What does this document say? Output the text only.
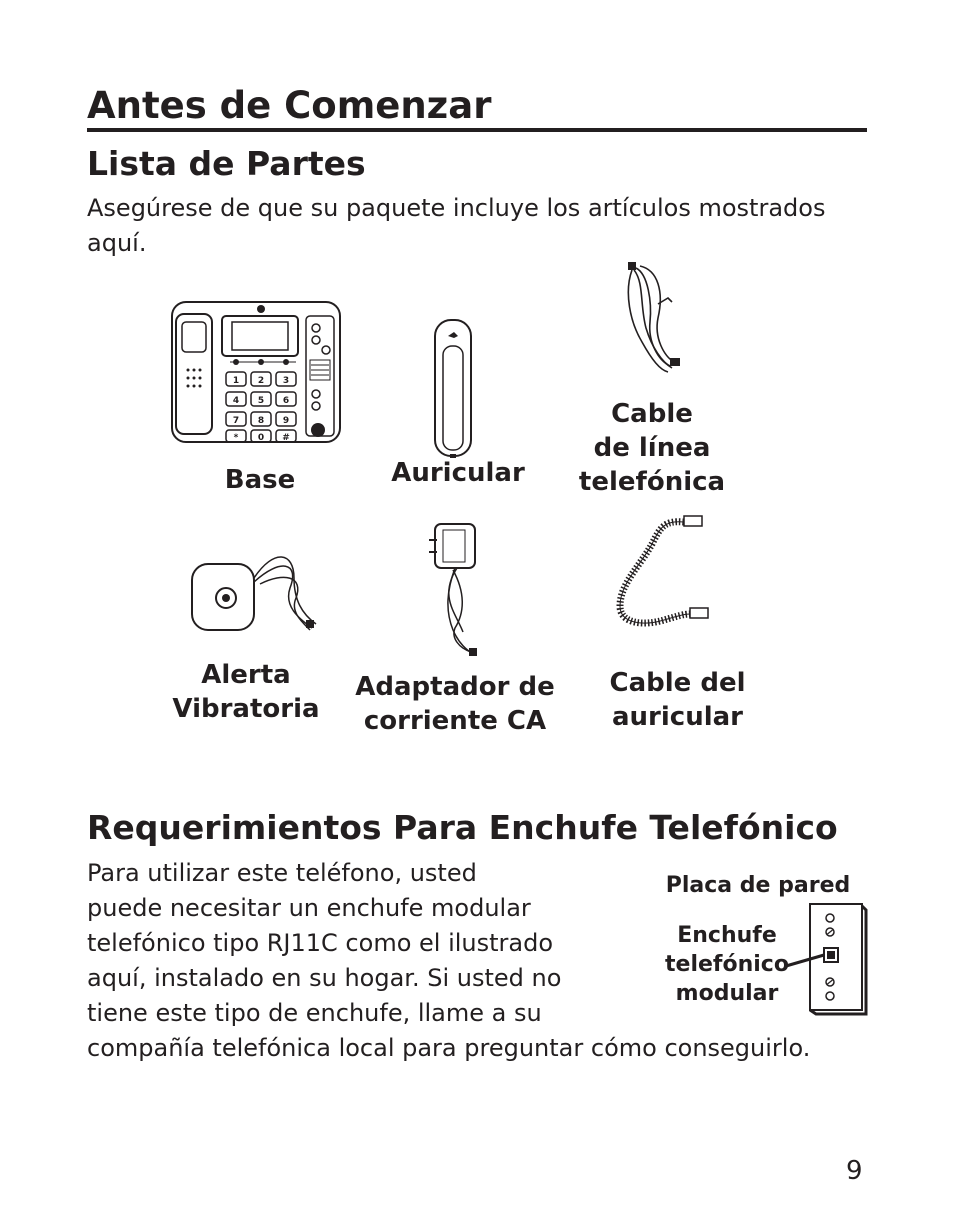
Antes de Comenzar
Lista de Partes
Asegúrese de que su paquete incluye los artículos mostrados
aquí.
1 2 3
4 5 6
7 8 9
* 0 #
Base	Auricular
Cable
de línea
telefónica
Alerta
Vibratoria
Adaptador de
corriente CA
Cable del
auricular
Requerimientos Para Enchufe Telefónico
Para utilizar este teléfono, usted
puede necesitar un enchufe modular
telefónico tipo RJ11C como el ilustrado
aquí, instalado en su hogar. Si usted no
tiene este tipo de enchufe, llame a su
compañía telefónica local para preguntar cómo conseguirlo.
Placa de pared
Enchufe
telefónico
modular
9
